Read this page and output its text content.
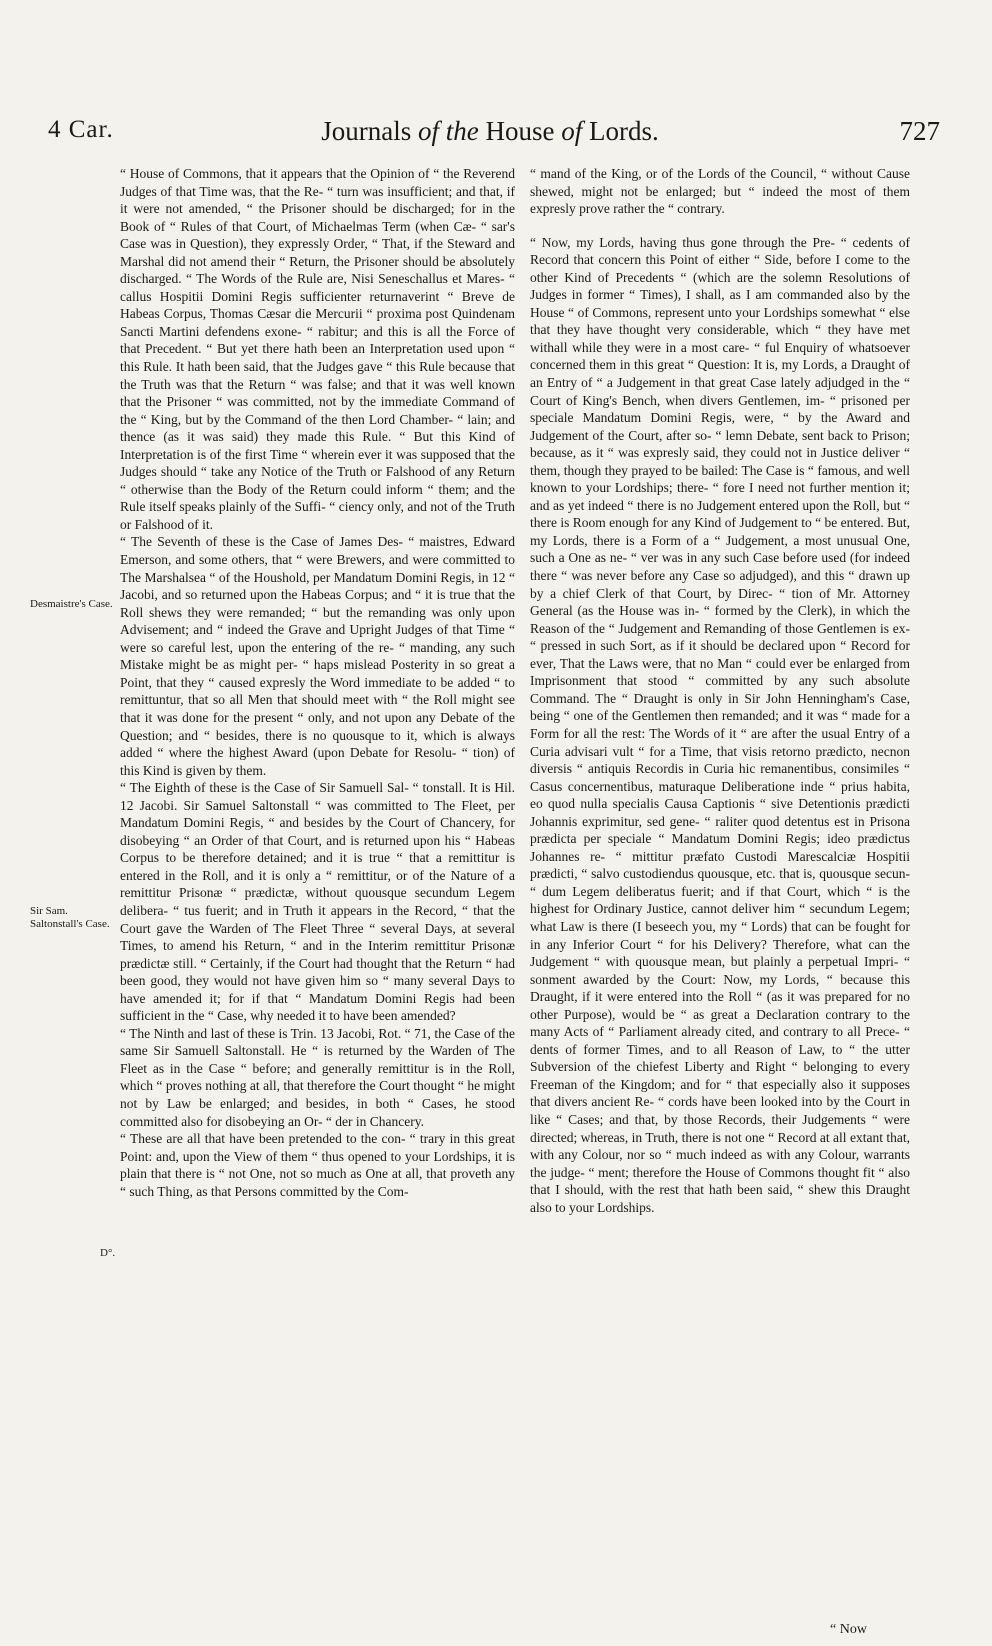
4 Car.	Journals of the House of Lords.	727
Desmaistre's Case.
Sir Sam. Saltonstall's Case.
D°.

“ House of Commons, that it appears that the Opinion of “ the Reverend Judges of that Time was, that the Re- “ turn was insufficient; and that, if it were not amended, “ the Prisoner should be discharged; for in the Book of “ Rules of that Court, of Michaelmas Term (when Cæ- “ sar's Case was in Question), they expressly Order, “ That, if the Steward and Marshal did not amend their “ Return, the Prisoner should be absolutely discharged. “ The Words of the Rule are, Nisi Seneschallus et Mares- “ callus Hospitii Domini Regis sufficienter returnaverint “ Breve de Habeas Corpus, Thomas Cæsar die Mercurii “ proxima post Quindenam Sancti Martini defendens exone- “ rabitur; and this is all the Force of that Precedent. “ But yet there hath been an Interpretation used upon “ this Rule. It hath been said, that the Judges gave “ this Rule because that the Truth was that the Return “ was false; and that it was well known that the Prisoner “ was committed, not by the immediate Command of the “ King, but by the Command of the then Lord Chamber- “ lain; and thence (as it was said) they made this Rule. “ But this Kind of Interpretation is of the first Time “ wherein ever it was supposed that the Judges should “ take any Notice of the Truth or Falshood of any Return “ otherwise than the Body of the Return could inform “ them; and the Rule itself speaks plainly of the Suffi- “ ciency only, and not of the Truth or Falshood of it.

“ The Seventh of these is the Case of James Des- “ maistres, Edward Emerson, and some others, that “ were Brewers, and were committed to The Marshalsea “ of the Houshold, per Mandatum Domini Regis, in 12 “ Jacobi, and so returned upon the Habeas Corpus; and “ it is true that the Roll shews they were remanded; “ but the remanding was only upon Advisement; and “ indeed the Grave and Upright Judges of that Time “ were so careful lest, upon the entering of the re- “ manding, any such Mistake might be as might per- “ haps mislead Posterity in so great a Point, that they “ caused expresly the Word immediate to be added “ to remittuntur, that so all Men that should meet with “ the Roll might see that it was done for the present “ only, and not upon any Debate of the Question; and “ besides, there is no quousque to it, which is always added “ where the highest Award (upon Debate for Resolu- “ tion) of this Kind is given by them.

“ The Eighth of these is the Case of Sir Samuell Sal- “ tonstall. It is Hil. 12 Jacobi. Sir Samuel Saltonstall “ was committed to The Fleet, per Mandatum Domini Regis, “ and besides by the Court of Chancery, for disobeying “ an Order of that Court, and is returned upon his “ Habeas Corpus to be therefore detained; and it is true “ that a remittitur is entered in the Roll, and it is only a “ remittitur, or of the Nature of a remittitur Prisonæ “ prædictæ, without quousque secundum Legem delibera- “ tus fuerit; and in Truth it appears in the Record, “ that the Court gave the Warden of The Fleet Three “ several Days, at several Times, to amend his Return, “ and in the Interim remittitur Prisonæ prædictæ still. “ Certainly, if the Court had thought that the Return “ had been good, they would not have given him so “ many several Days to have amended it; for if that “ Mandatum Domini Regis had been sufficient in the “ Case, why needed it to have been amended?

“ The Ninth and last of these is Trin. 13 Jacobi, Rot. “ 71, the Case of the same Sir Samuell Saltonstall. He “ is returned by the Warden of The Fleet as in the Case “ before; and generally remittitur is in the Roll, which “ proves nothing at all, that therefore the Court thought “ he might not by Law be enlarged; and besides, in both “ Cases, he stood committed also for disobeying an Or- “ der in Chancery.

“ These are all that have been pretended to the con- “ trary in this great Point: and, upon the View of them “ thus opened to your Lordships, it is plain that there is “ not One, not so much as One at all, that proveth any “ such Thing, as that Persons committed by the Com-

“ mand of the King, or of the Lords of the Council, “ without Cause shewed, might not be enlarged; but “ indeed the most of them expresly prove rather the “ contrary.

“ Now, my Lords, having thus gone through the Pre- “ cedents of Record that concern this Point of either “ Side, before I come to the other Kind of Precedents “ (which are the solemn Resolutions of Judges in former “ Times), I shall, as I am commanded also by the House “ of Commons, represent unto your Lordships somewhat “ else that they have thought very considerable, which “ they have met withall while they were in a most care- “ ful Enquiry of whatsoever concerned them in this great “ Question: It is, my Lords, a Draught of an Entry of “ a Judgement in that great Case lately adjudged in the “ Court of King's Bench, when divers Gentlemen, im- “ prisoned per speciale Mandatum Domini Regis, were, “ by the Award and Judgement of the Court, after so- “ lemn Debate, sent back to Prison; because, as it “ was expresly said, they could not in Justice deliver “ them, though they prayed to be bailed: The Case is “ famous, and well known to your Lordships; there- “ fore I need not further mention it; and as yet indeed “ there is no Judgement entered upon the Roll, but “ there is Room enough for any Kind of Judgement to “ be entered. But, my Lords, there is a Form of a “ Judgement, a most unusual One, such a One as ne- “ ver was in any such Case before used (for indeed there “ was never before any Case so adjudged), and this “ drawn up by a chief Clerk of that Court, by Direc- “ tion of Mr. Attorney General (as the House was in- “ formed by the Clerk), in which the Reason of the “ Judgement and Remanding of those Gentlemen is ex- “ pressed in such Sort, as if it should be declared upon “ Record for ever, That the Laws were, that no Man “ could ever be enlarged from Imprisonment that stood “ committed by any such absolute Command. The “ Draught is only in Sir John Henningham's Case, being “ one of the Gentlemen then remanded; and it was “ made for a Form for all the rest: The Words of it “ are after the usual Entry of a Curia advisari vult “ for a Time, that visis retorno prædicto, necnon diversis “ antiquis Recordis in Curia hic remanentibus, consimiles “ Casus concernentibus, maturaque Deliberatione inde “ prius habita, eo quod nulla specialis Causa Captionis “ sive Detentionis prædicti Johannis exprimitur, sed gene- “ raliter quod detentus est in Prisona prædicta per speciale “ Mandatum Domini Regis; ideo prædictus Johannes re- “ mittitur præfato Custodi Marescalciæ Hospitii prædicti, “ salvo custodiendus quousque, etc. that is, quousque secun- “ dum Legem deliberatus fuerit; and if that Court, which “ is the highest for Ordinary Justice, cannot deliver him “ secundum Legem; what Law is there (I beseech you, my “ Lords) that can be fought for in any Inferior Court “ for his Delivery? Therefore, what can the Judgement “ with quousque mean, but plainly a perpetual Impri- “ sonment awarded by the Court: Now, my Lords, “ because this Draught, if it were entered into the Roll “ (as it was prepared for no other Purpose), would be “ as great a Declaration contrary to the many Acts of “ Parliament already cited, and contrary to all Prece- “ dents of former Times, and to all Reason of Law, to “ the utter Subversion of the chiefest Liberty and Right “ belonging to every Freeman of the Kingdom; and for “ that especially also it supposes that divers ancient Re- “ cords have been looked into by the Court in like “ Cases; and that, by those Records, their Judgements “ were directed; whereas, in Truth, there is not one “ Record at all extant that, with any Colour, nor so “ much indeed as with any Colour, warrants the judge- “ ment; therefore the House of Commons thought fit “ also that I should, with the rest that hath been said, “ shew this Draught also to your Lordships.

“ Now
